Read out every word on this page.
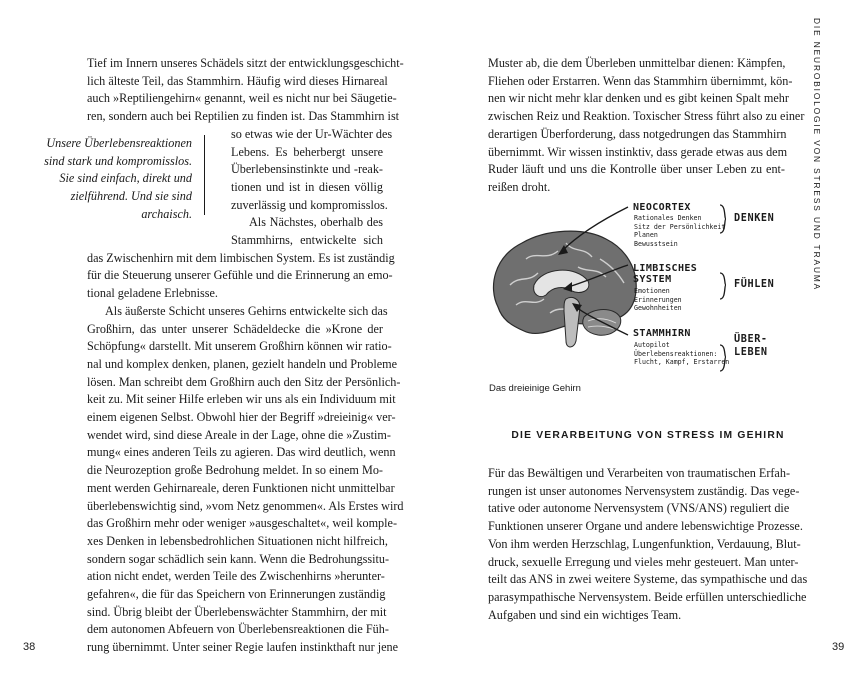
Tief im Innern unseres Schädels sitzt der entwicklungsgeschicht-
lich älteste Teil, das Stammhirn. Häufig wird dieses Hirnareal
auch »Reptiliengehirn« genannt, weil es nicht nur bei Säugetie-
ren, sondern auch bei Reptilien zu finden ist. Das Stammhirn ist
so etwas wie der Ur-Wächter des
Lebens. Es beherbergt unsere
Überlebensinstinkte und -reak-
tionen und ist in diesen völlig
zuverlässig und kompromisslos.
Als Nächstes, oberhalb des
Stammhirns, entwickelte sich
das Zwischenhirn mit dem limbischen System. Es ist zuständig
für die Steuerung unserer Gefühle und die Erinnerung an emo-
tional geladene Erlebnisse.
Als äußerste Schicht unseres Gehirns entwickelte sich das
Großhirn, das unter unserer Schädeldecke die »Krone der
Schöpfung« darstellt. Mit unserem Großhirn können wir ratio-
nal und komplex denken, planen, gezielt handeln und Probleme
lösen. Man schreibt dem Großhirn auch den Sitz der Persönlich-
keit zu. Mit seiner Hilfe erleben wir uns als ein Individuum mit
einem eigenen Selbst. Obwohl hier der Begriff »dreieinig« ver-
wendet wird, sind diese Areale in der Lage, ohne die »Zustim-
mung« eines anderen Teils zu agieren. Das wird deutlich, wenn
die Neurozeption große Bedrohung meldet. In so einem Mo-
ment werden Gehirnareale, deren Funktionen nicht unmittelbar
überlebenswichtig sind, »vom Netz genommen«. Als Erstes wird
das Großhirn mehr oder weniger »ausgeschaltet«, weil komple-
xes Denken in lebensbedrohlichen Situationen nicht hilfreich,
sondern sogar schädlich sein kann. Wenn die Bedrohungssitu-
ation nicht endet, werden Teile des Zwischenhirns »herunter-
gefahren«, die für das Speichern von Erinnerungen zuständig
sind. Übrig bleibt der Überlebenswächter Stammhirn, der mit
dem autonomen Abfeuern von Überlebensreaktionen die Füh-
rung übernimmt. Unter seiner Regie laufen instinkthaft nur jene
Unsere Überlebensreaktionen
sind stark und kompromisslos.
Sie sind einfach, direkt und
zielführend. Und sie sind
archaisch.
38
DIE NEUROBIOLOGIE VON STRESS UND TRAUMA
Muster ab, die dem Überleben unmittelbar dienen: Kämpfen,
Fliehen oder Erstarren. Wenn das Stammhirn übernimmt, kön-
nen wir nicht mehr klar denken und es gibt keinen Spalt mehr
zwischen Reiz und Reaktion. Toxischer Stress führt also zu einer
derartigen Überforderung, dass notgedrungen das Stammhirn
übernimmt. Wir wissen instinktiv, dass gerade etwas aus dem
Ruder läuft und uns die Kontrolle über unser Leben zu ent-
reißen droht.
NEOCORTEX
Rationales Denken
Sitz der Persönlichkeit
Planen
Bewusstsein
DENKEN
LIMBISCHES
SYSTEM
Emotionen
Erinnerungen
Gewohnheiten
FÜHLEN
STAMMHIRN
Autopilot
Überlebensreaktionen:
Flucht, Kampf, Erstarren
ÜBER-
LEBEN
Das dreieinige Gehirn
DIE VERARBEITUNG VON STRESS IM GEHIRN
Für das Bewältigen und Verarbeiten von traumatischen Erfah-
rungen ist unser autonomes Nervensystem zuständig. Das vege-
tative oder autonome Nervensystem (VNS/ANS) reguliert die
Funktionen unserer Organe und andere lebenswichtige Prozesse.
Von ihm werden Herzschlag, Lungenfunktion, Verdauung, Blut-
druck, sexuelle Erregung und vieles mehr gesteuert. Man unter-
teilt das ANS in zwei weitere Systeme, das sympathische und das
parasympathische Nervensystem. Beide erfüllen unterschiedliche
Aufgaben und sind ein wichtiges Team.
39
